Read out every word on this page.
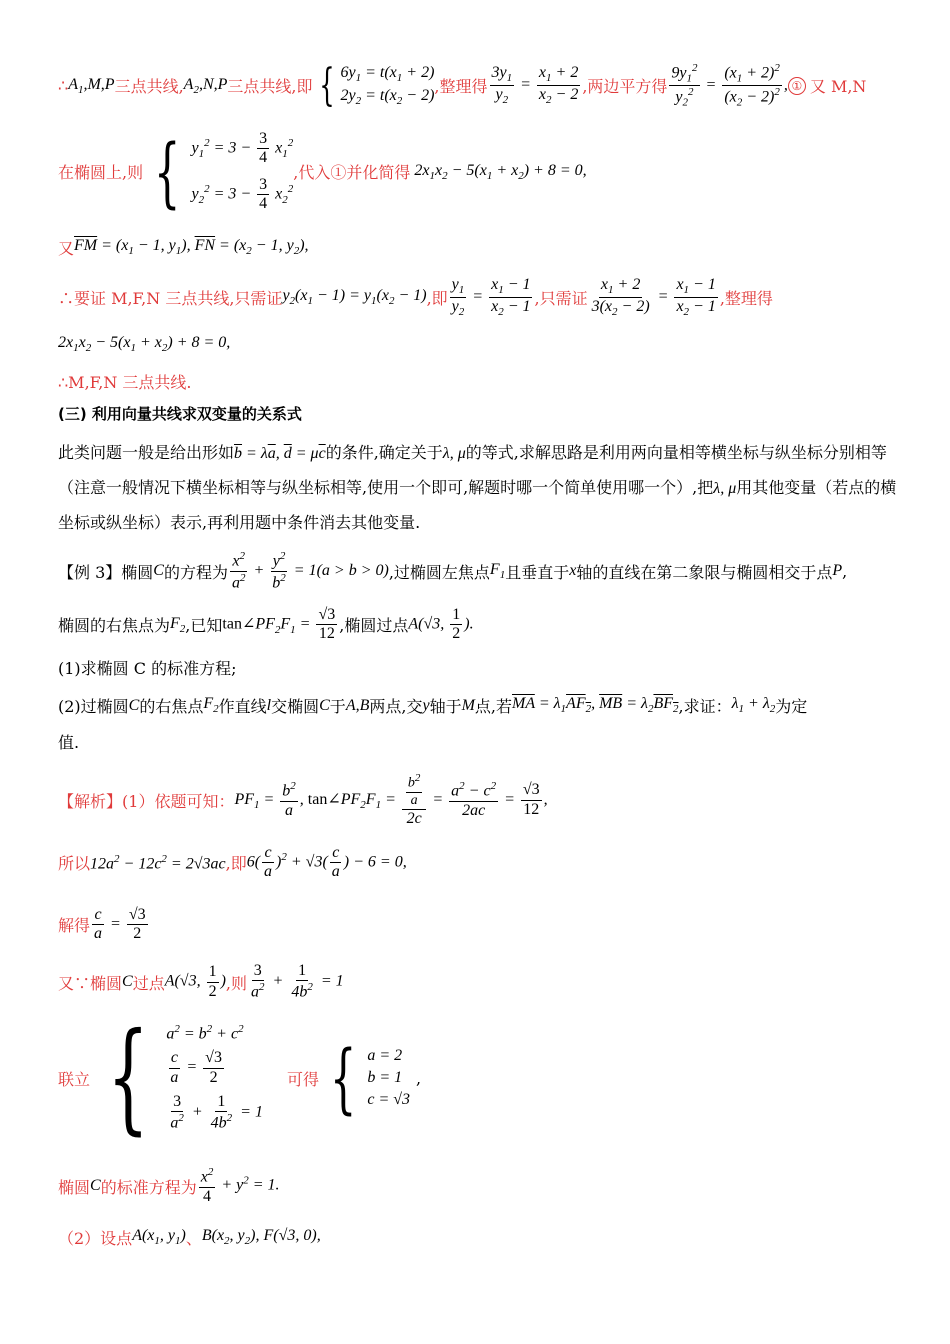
∴ $A_1,M,P$ 三点共线, $A_2,N,P$ 三点共线,即 { $6y_1 = t(x_1 + 2)$
$2y_2 = t(x_2 - 2)$ ,整理得 $\frac{3y_1}{y_2} = \frac{x_1 + 2}{x_2 - 2}$ ,两边平方得 $\frac{9y_1^2}{y_2^2} = \frac{(x_1 + 2)^2}{(x_2 - 2)^2}$ , ① 又 M,N
在椭圆上,则 { $y_1^2 = 3 - \frac{3}{4} x_1^2$
$y_2^2 = 3 - \frac{3}{4} x_2^2$
,代入①并化简得 $2x_1x_2 - 5(x_1 + x_2) + 8 = 0$,
又 $\overline{FM} = (x_1 - 1$, $y_1$), $\overline{FN} = (x_2 - 1$, $y_2$),
∴要证 M,F,N 三点共线,只需证 $y_2(x_1 - 1) = y_1(x_2 - 1)$ ,即 $\frac{y_1}{y_2} = \frac{x_1 - 1}{x_2 - 1}$ ,只需证 $\frac{x_1 + 2}{3(x_2 - 2)} = \frac{x_1 - 1}{x_2 - 1}$ ,整理得
$2x_1x_2 - 5(x_1 + x_2) + 8 = 0$,
∴M,F,N 三点共线.
(三) 利用向量共线求双变量的关系式
此类问题一般是给出形如$\overline{b} = \lambda\overline{a}$, $\overline{d} = \mu\overline{c}$的条件,确定关于λ, μ的等式,求解思路是利用两向量相等横坐标与纵坐标分别相等（注意一般情况下横坐标相等与纵坐标相等,使用一个即可,解题时哪一个简单使用哪一个）,把λ, μ用其他变量（若点的横坐标或纵坐标）表示,再利用题中条件消去其他变量.
【例 3】 椭圆 C 的方程为 $\frac{x^2}{a^2} + \frac{y^2}{b^2} = 1(a > b > 0)$ ,过椭圆左焦点 $F_1$ 且垂直于 x 轴的直线在第二象限与椭圆相交于点 P ,
椭圆的右焦点为 $F_2$ ,已知 $\tan\angle PF_2F_1 = \frac{√3}{12}$ ,椭圆过点 A(√3, $\frac{1}{2}$ ).
(1)求椭圆 C 的标准方程;
(2)过椭圆 C 的右焦点 $F_2$ 作直线 l 交椭圆 C 于 A,B 两点,交 y 轴于 M 点,若 $\overline{MA} = \lambda_1AF_2$, $\overline{MB} = \lambda_2BF_2$ ,求证： $\lambda_1 + \lambda_2$ 为定
值.
【解析】 (1）依题可知： $PF_1 = \frac{b^2}{a}$ , $\tan\angle PF_2F_1 = \frac{\frac{b^2}{a}}{2c} = \frac{a^2 - c^2}{2ac} = \frac{√3}{12}$ ,
所以 $12a^2 - 12c^2 = 2√3ac$ ,即 $6( \frac{c}{a} )^2 + √3( \frac{c}{a}$ ) − 6 = 0,
解得 $\frac{c}{a} = \frac{√3}{2}$
又∵椭圆 C 过点 A(√3, $\frac{1}{2}$ ) ,则 $\frac{3}{a^2} + \frac{1}{4b^2} = 1$
联立 { $a^2 = b^2 + c^2$
$\frac{c}{a} = \frac{√3}{2}$
$\frac{3}{a^2} + \frac{1}{4b^2} = 1$
可得 { a = 2
b = 1
c = √3
,
椭圆 C 的标准方程为 $\frac{x^2}{4} + y^2 = 1$.
（2）设点 $A(x_1$, $y_1$) 、 $B(x_2$, $y_2$), F(√3, 0),
